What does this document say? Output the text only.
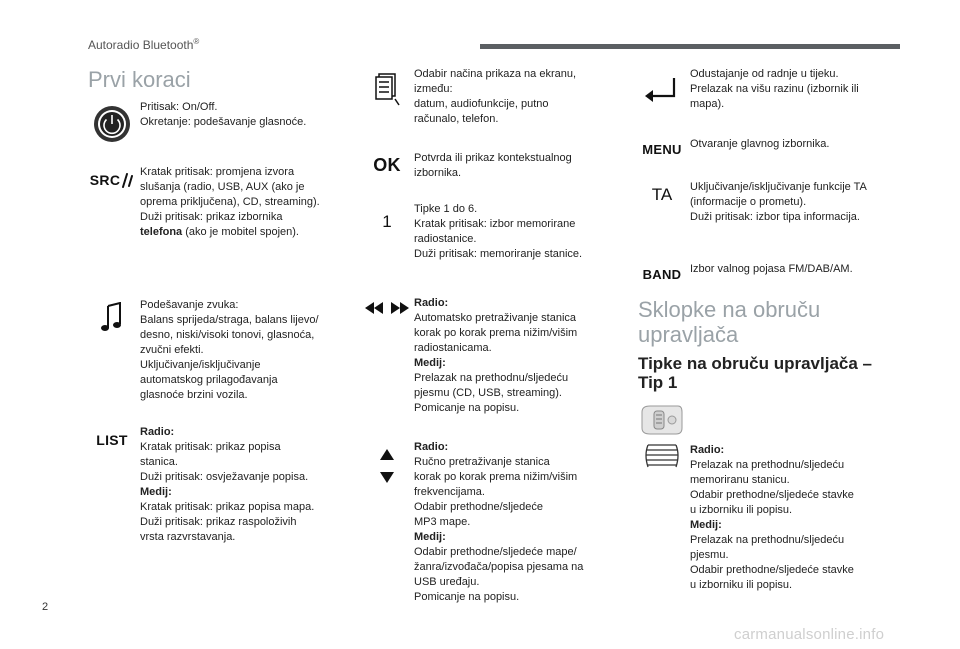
Autoradio Bluetooth®
Prvi koraci
Pritisak: On/Off.
Okretanje: podešavanje glasnoće.
SRC Kratak pritisak: promjena izvora
slušanja (radio, USB, AUX (ako je
oprema priključena), CD, streaming).
Duži pritisak: prikaz izbornika
telefona (ako je mobitel spojen).
Podešavanje zvuka:
Balans sprijeda/straga, balans lijevo/
desno, niski/visoki tonovi, glasnoća,
zvučni efekti.
Uključivanje/isključivanje
automatskog prilagođavanja
glasnoće brzini vozila.
LIST Radio:
Kratak pritisak: prikaz popisa
stanica.
Duži pritisak: osvježavanje popisa.
Medij:
Kratak pritisak: prikaz popisa mapa.
Duži pritisak: prikaz raspoloživih
vrsta razvrstavanja.
Odabir načina prikaza na ekranu,
između:
datum, audiofunkcije, putno
računalo, telefon.
OK Potvrda ili prikaz kontekstualnog
izbornika.
1
Tipke 1 do 6.
Kratak pritisak: izbor memorirane
radiostanice.
Duži pritisak: memoriranje stanice.
Radio:
Automatsko pretraživanje stanica
korak po korak prema nižim/višim
radiostanicama.
Medij:
Prelazak na prethodnu/sljedeću
pjesmu (CD, USB, streaming).
Pomicanje na popisu.
Radio:
Ručno pretraživanje stanica
korak po korak prema nižim/višim
frekvencijama.
Odabir prethodne/sljedeće
MP3 mape.
Medij:
Odabir prethodne/sljedeće mape/
žanra/izvođača/popisa pjesama na
USB uređaju.
Pomicanje na popisu.
Odustajanje od radnje u tijeku.
Prelazak na višu razinu (izbornik ili
mapa).
MENU Otvaranje glavnog izbornika.
TA Uključivanje/isključivanje funkcije TA
(informacije o prometu).
Duži pritisak: izbor tipa informacija.
BAND Izbor valnog pojasa FM/DAB/AM.
Sklopke na obruču
upravljača
Tipke na obruču upravljača –
Tip 1
Radio:
Prelazak na prethodnu/sljedeću
memoriranu stanicu.
Odabir prethodne/sljedeće stavke
u izborniku ili popisu.
Medij:
Prelazak na prethodnu/sljedeću
pjesmu.
Odabir prethodne/sljedeće stavke
u izborniku ili popisu.
2
carmanualsonline.info
